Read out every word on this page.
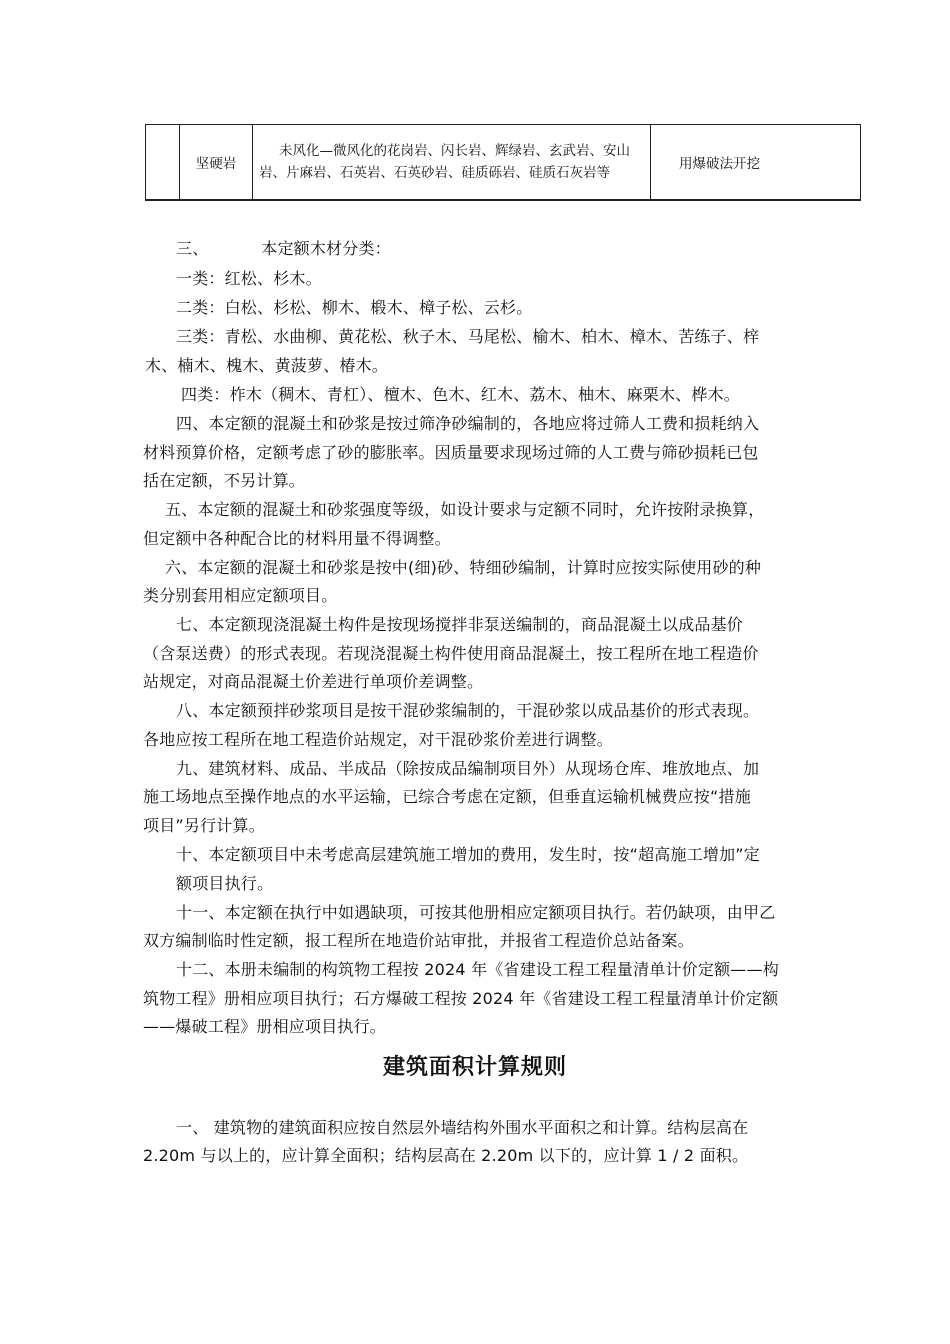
	坚硬岩	未风化—微风化的花岗岩、闪长岩、辉绿岩、玄武岩、安山岩、片麻岩、石英岩、石英砂岩、硅质砾岩、硅质石灰岩等	用爆破法开挖

三、          本定额木材分类：

一类：红松、杉木。

二类：白松、杉松、柳木、椴木、樟子松、云杉。

三类：青松、水曲柳、黄花松、秋子木、马尾松、榆木、柏木、樟木、苦练子、梓

木、楠木、槐木、黄菠萝、椿木。

四类：柞木（稠木、青杠）、檀木、色木、红木、荔木、柚木、麻栗木、桦木。

四、本定额的混凝土和砂浆是按过筛净砂编制的，各地应将过筛人工费和损耗纳入

材料预算价格，定额考虑了砂的膨胀率。因质量要求现场过筛的人工费与筛砂损耗已包

括在定额，不另计算。

五、本定额的混凝土和砂浆强度等级，如设计要求与定额不同时，允许按附录换算，

但定额中各种配合比的材料用量不得调整。

六、本定额的混凝土和砂浆是按中(细)砂、特细砂编制，计算时应按实际使用砂的种

类分别套用相应定额项目。

七、本定额现浇混凝土构件是按现场搅拌非泵送编制的，商品混凝土以成品基价

（含泵送费）的形式表现。若现浇混凝土构件使用商品混凝土，按工程所在地工程造价

站规定，对商品混凝土价差进行单项价差调整。

八、本定额预拌砂浆项目是按干混砂浆编制的，干混砂浆以成品基价的形式表现。

各地应按工程所在地工程造价站规定，对干混砂浆价差进行调整。

九、建筑材料、成品、半成品（除按成品编制项目外）从现场仓库、堆放地点、加

施工场地点至操作地点的水平运输，已综合考虑在定额，但垂直运输机械费应按“措施

项目”另行计算。

十、本定额项目中未考虑高层建筑施工增加的费用，发生时，按“超高施工增加”定

额项目执行。

十一、本定额在执行中如遇缺项，可按其他册相应定额项目执行。若仍缺项，由甲乙

双方编制临时性定额，报工程所在地造价站审批，并报省工程造价总站备案。

十二、本册未编制的构筑物工程按 2024 年《省建设工程工程量清单计价定额——构

筑物工程》册相应项目执行；石方爆破工程按 2024 年《省建设工程工程量清单计价定额

——爆破工程》册相应项目执行。

建筑面积计算规则

一、 建筑物的建筑面积应按自然层外墙结构外围水平面积之和计算。结构层高在

2.20m 与以上的，应计算全面积；结构层高在 2.20m 以下的，应计算 1 / 2 面积。
